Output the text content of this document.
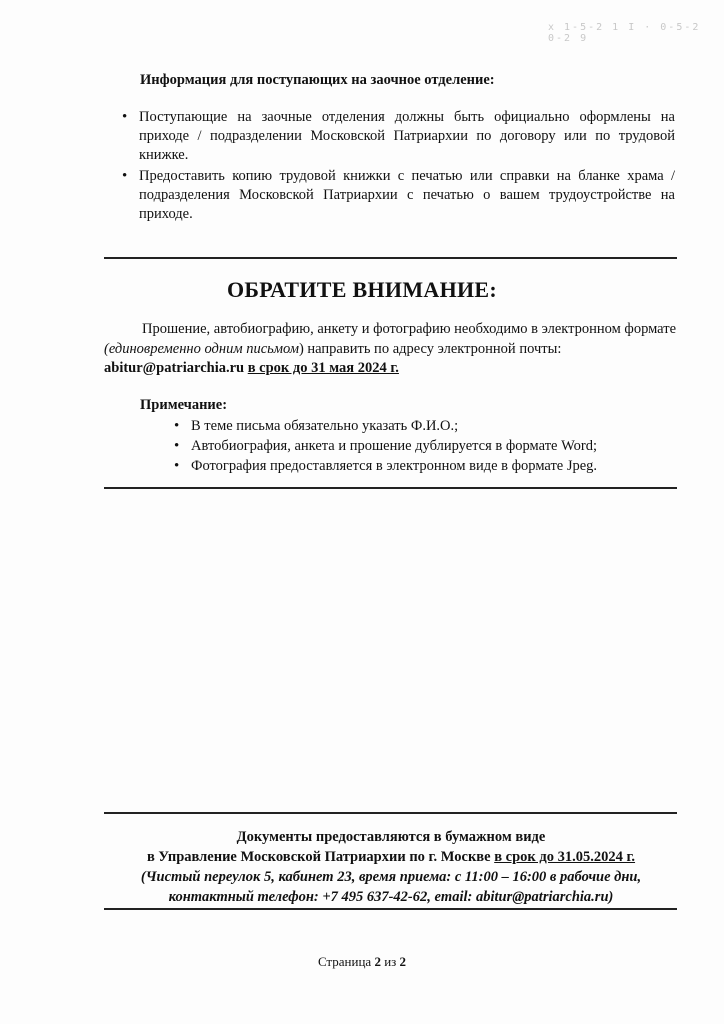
x 1-5-2 1 I · 0-5-2 0-2 9
Информация для поступающих на заочное отделение:
• Поступающие на заочные отделения должны быть официально оформлены на приходе / подразделении Московской Патриархии по договору или по трудовой книжке.
• Предоставить копию трудовой книжки с печатью или справки на бланке храма / подразделения Московской Патриархии с печатью о вашем трудоустройстве на приходе.
ОБРАТИТЕ ВНИМАНИЕ:
Прошение, автобиографию, анкету и фотографию необходимо в электронном формате (единовременно одним письмом) направить по адресу электронной почты:
abitur@patriarchia.ru в срок до 31 мая 2024 г.
Примечание:
• В теме письма обязательно указать Ф.И.О.;
• Автобиография, анкета и прошение дублируется в формате Word;
• Фотография предоставляется в электронном виде в формате Jpeg.
Документы предоставляются в бумажном виде
в Управление Московской Патриархии по г. Москве в срок до 31.05.2024 г.
(Чистый переулок 5, кабинет 23, время приема: с 11:00 – 16:00 в рабочие дни,
контактный телефон: +7 495 637-42-62, email: abitur@patriarchia.ru)
Страница 2 из 2
